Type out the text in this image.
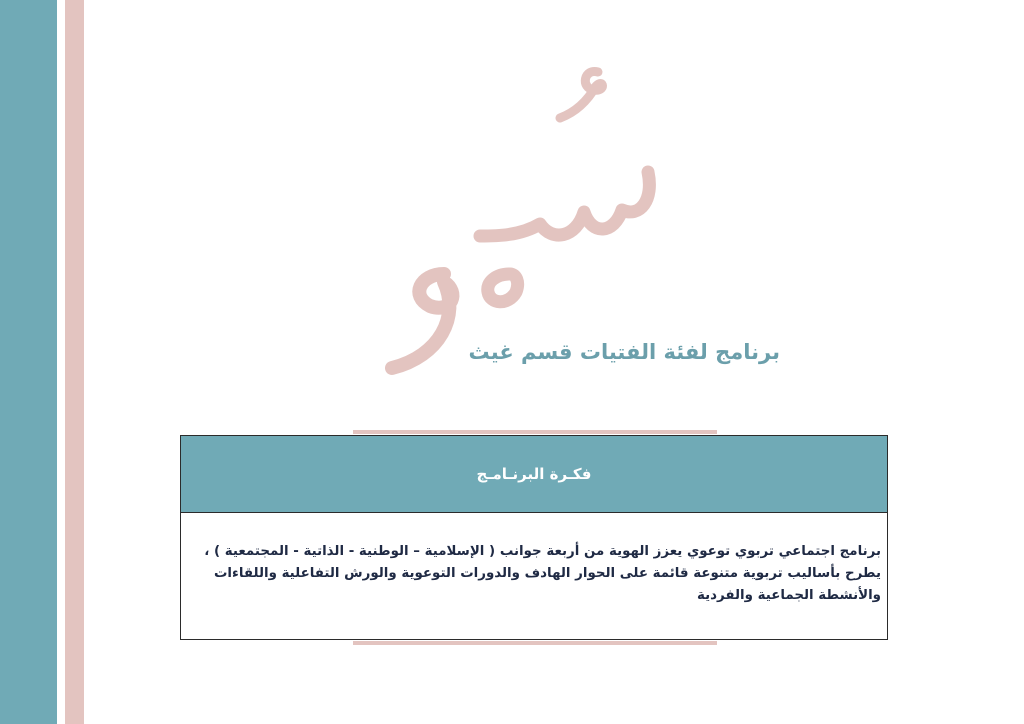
برنامج لفئة الفتيات قسم غيث
فكـرة البرنـامـج
برنامج اجتماعي تربوي توعوي يعزز الهوية من أربعة جوانب ( الإسلامية – الوطنية - الذاتية - المجتمعية ) ، يطرح بأساليب تربوية متنوعة قائمة على الحوار الهادف والدورات التوعوية والورش التفاعلية واللقاءات والأنشطة الجماعية والفردية
